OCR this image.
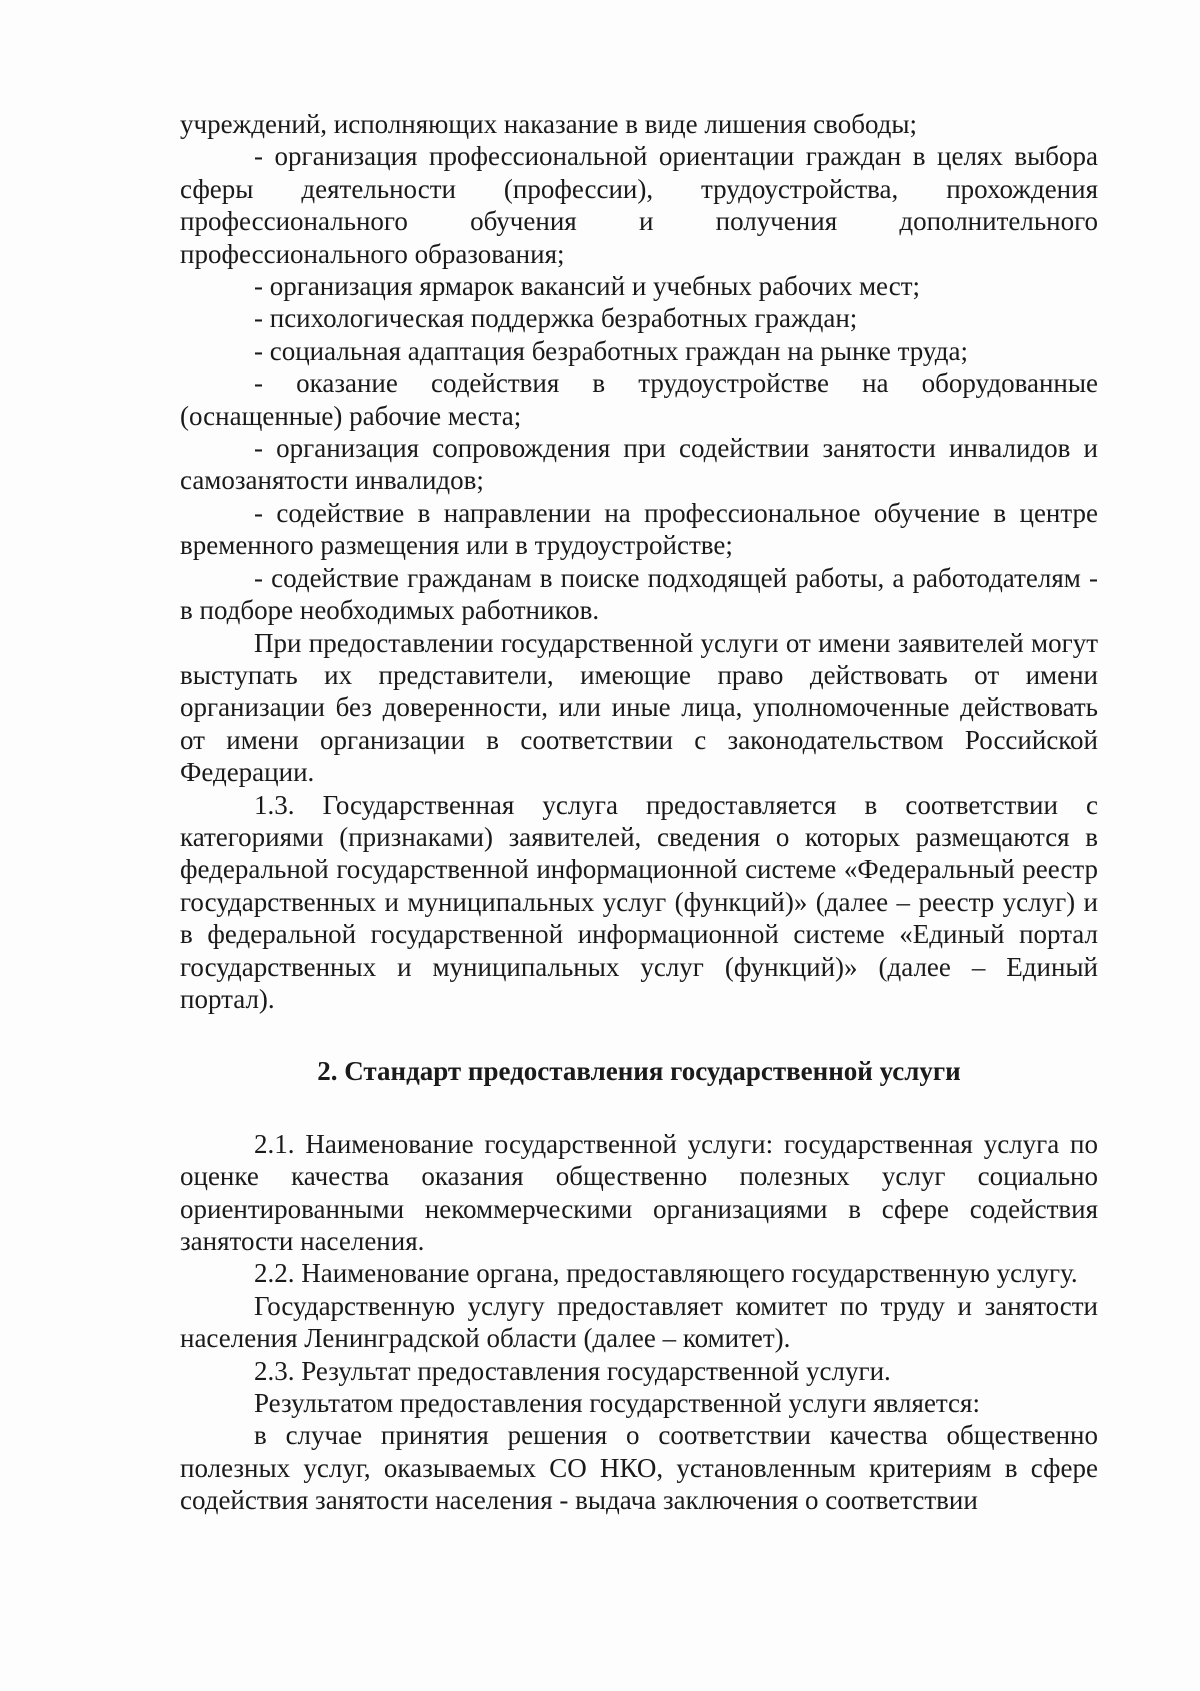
учреждений, исполняющих наказание в виде лишения свободы;

- организация профессиональной ориентации граждан в целях выбора сферы деятельности (профессии), трудоустройства, прохождения профессионального обучения и получения дополнительного профессионального образования;

- организация ярмарок вакансий и учебных рабочих мест;

- психологическая поддержка безработных граждан;

- социальная адаптация безработных граждан на рынке труда;

- оказание содействия в трудоустройстве на оборудованные (оснащенные) рабочие места;

- организация сопровождения при содействии занятости инвалидов и самозанятости инвалидов;

- содействие в направлении на профессиональное обучение в центре временного размещения или в трудоустройстве;

- содействие гражданам в поиске подходящей работы, а работодателям - в подборе необходимых работников.

При предоставлении государственной услуги от имени заявителей могут выступать их представители, имеющие право действовать от имени организации без доверенности, или иные лица, уполномоченные действовать от имени организации в соответствии с законодательством Российской Федерации.

1.3. Государственная услуга предоставляется в соответствии с категориями (признаками) заявителей, сведения о которых размещаются в федеральной государственной информационной системе «Федеральный реестр государственных и муниципальных услуг (функций)» (далее – реестр услуг) и в федеральной государственной информационной системе «Единый портал государственных и муниципальных услуг (функций)» (далее – Единый портал).

2. Стандарт предоставления государственной услуги

2.1. Наименование государственной услуги: государственная услуга по оценке качества оказания общественно полезных услуг социально ориентированными некоммерческими организациями в сфере содействия занятости населения.

2.2. Наименование органа, предоставляющего государственную услугу.

Государственную услугу предоставляет комитет по труду и занятости населения Ленинградской области (далее – комитет).

2.3. Результат предоставления государственной услуги.

Результатом предоставления государственной услуги является:

в случае принятия решения о соответствии качества общественно полезных услуг, оказываемых СО НКО, установленным критериям в сфере содействия занятости населения - выдача заключения о соответствии
